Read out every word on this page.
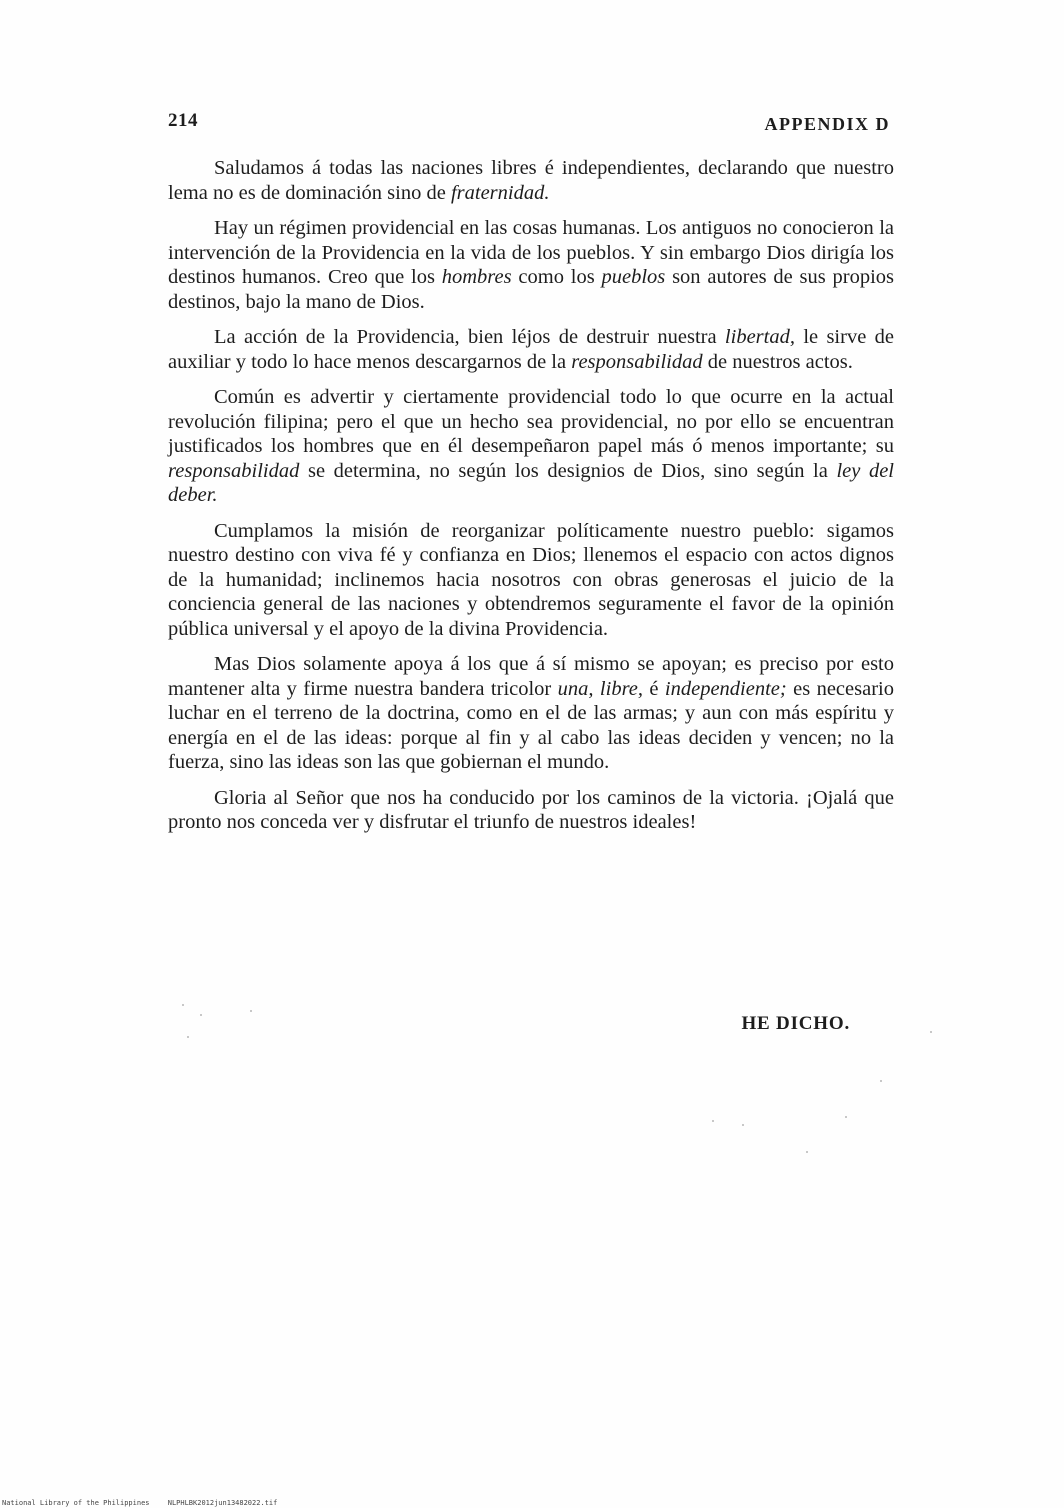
214	APPENDIX D

Saludamos á todas las naciones libres é independientes, declarando que nuestro lema no es de dominación sino de fraternidad.

Hay un régimen providencial en las cosas humanas. Los antiguos no conocieron la intervención de la Providencia en la vida de los pueblos. Y sin embargo Dios dirigía los destinos humanos. Creo que los hombres como los pueblos son autores de sus propios destinos, bajo la mano de Dios.

La acción de la Providencia, bien léjos de destruir nuestra libertad, le sirve de auxiliar y todo lo hace menos descargarnos de la responsabilidad de nuestros actos.

Común es advertir y ciertamente providencial todo lo que ocurre en la actual revolución filipina; pero el que un hecho sea providencial, no por ello se encuentran justificados los hombres que en él desempeñaron papel más ó menos importante; su responsabilidad se determina, no según los designios de Dios, sino según la ley del deber.

Cumplamos la misión de reorganizar políticamente nuestro pueblo: sigamos nuestro destino con viva fé y confianza en Dios; llenemos el espacio con actos dignos de la humanidad; inclinemos hacia nosotros con obras generosas el juicio de la conciencia general de las naciones y obtendremos seguramente el favor de la opinión pública universal y el apoyo de la divina Providencia.

Mas Dios solamente apoya á los que á sí mismo se apoyan; es preciso por esto mantener alta y firme nuestra bandera tricolor una, libre, é independiente; es necesario luchar en el terreno de la doctrina, como en el de las armas; y aun con más espíritu y energía en el de las ideas: porque al fin y al cabo las ideas deciden y vencen; no la fuerza, sino las ideas son las que gobiernan el mundo.

Gloria al Señor que nos ha conducido por los caminos de la victoria. ¡Ojalá que pronto nos conceda ver y disfrutar el triunfo de nuestros ideales!

HE DICHO.
National Library of the Philippines	NLPHLBK2012jun13482022.tif
